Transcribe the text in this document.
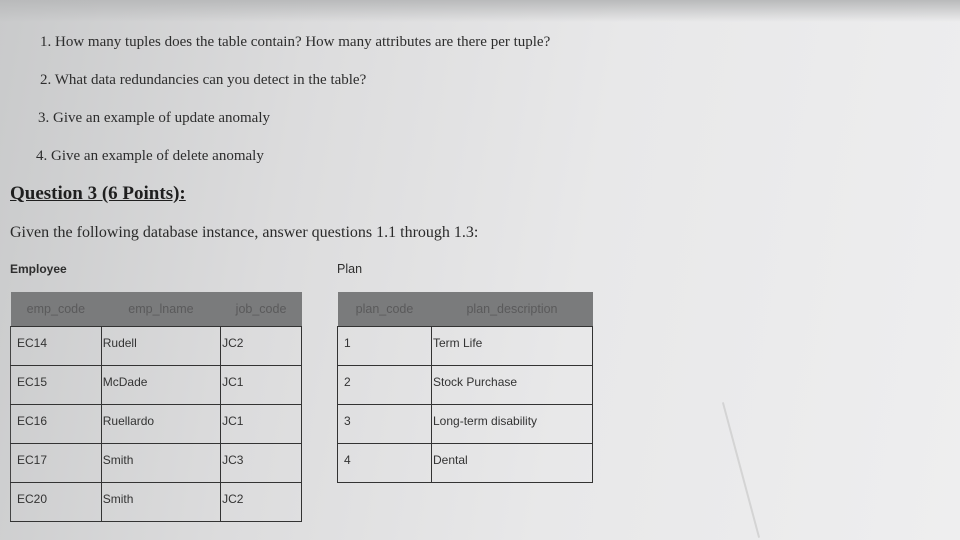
1. How many tuples does the table contain? How many attributes are there per tuple?
2. What data redundancies can you detect in the table?
3. Give an example of update anomaly
4. Give an example of delete anomaly
Question 3 (6 Points):
Given the following database instance, answer questions 1.1 through 1.3:
Employee	Plan
emp_code	emp_lname	job_code
EC14	Rudell	JC2
EC15	McDade	JC1
EC16	Ruellardo	JC1
EC17	Smith	JC3
EC20	Smith	JC2
plan_code	plan_description
1	Term Life
2	Stock Purchase
3	Long-term disability
4	Dental
